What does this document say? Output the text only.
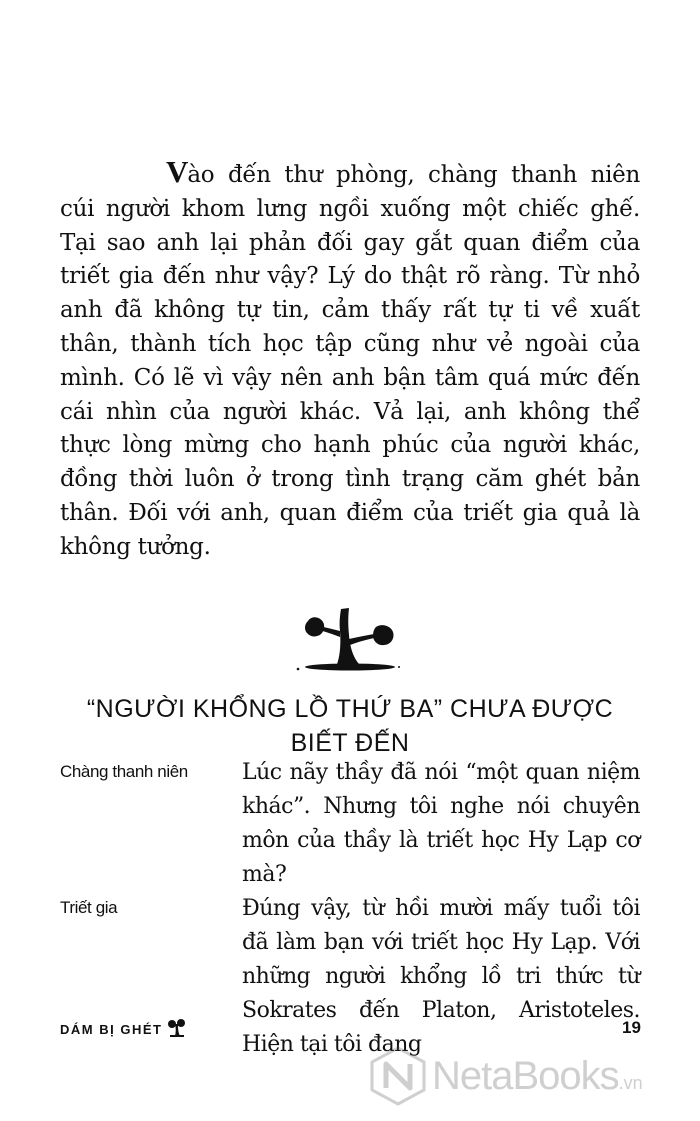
Vào đến thư phòng, chàng thanh niên cúi người khom lưng ngồi xuống một chiếc ghế. Tại sao anh lại phản đối gay gắt quan điểm của triết gia đến như vậy? Lý do thật rõ ràng. Từ nhỏ anh đã không tự tin, cảm thấy rất tự ti về xuất thân, thành tích học tập cũng như vẻ ngoài của mình. Có lẽ vì vậy nên anh bận tâm quá mức đến cái nhìn của người khác. Vả lại, anh không thể thực lòng mừng cho hạnh phúc của người khác, đồng thời luôn ở trong tình trạng căm ghét bản thân. Đối với anh, quan điểm của triết gia quả là không tưởng.

“NGƯỜI KHỔNG LỒ THỨ BA” CHƯA ĐƯỢC BIẾT ĐẾN
Chàng thanh niên	Lúc nãy thầy đã nói “một quan niệm khác”. Nhưng tôi nghe nói chuyên môn của thầy là triết học Hy Lạp cơ mà?
Triết gia	Đúng vậy, từ hồi mười mấy tuổi tôi đã làm bạn với triết học Hy Lạp. Với những người khổng lồ tri thức từ Sokrates đến Platon, Aristoteles. Hiện tại tôi đang
DÁM BỊ GHÉT	19
NetaBooks.vn
